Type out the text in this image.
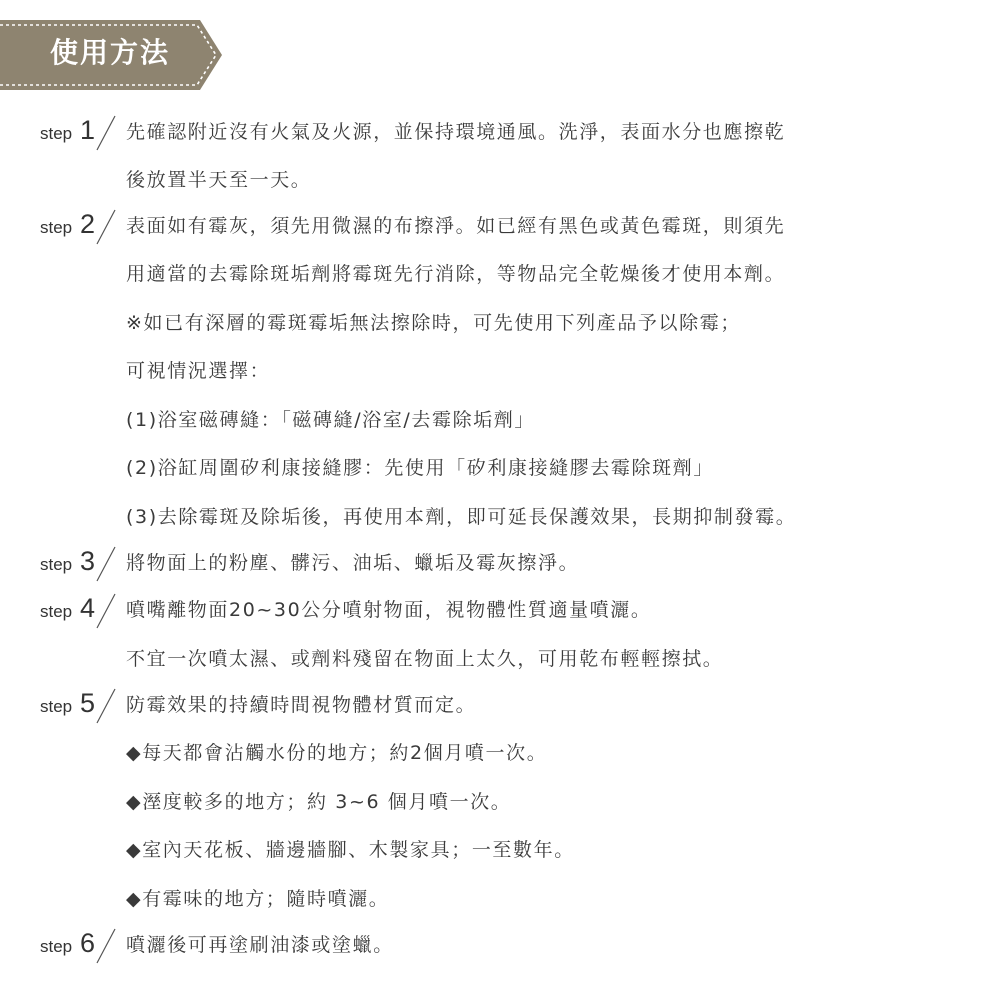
使用方法
step 1 先確認附近沒有火氣及火源，並保持環境通風。洗淨，表面水分也應擦乾
後放置半天至一天。
step 2 表面如有霉灰，須先用微濕的布擦淨。如已經有黑色或黃色霉斑，則須先
用適當的去霉除斑垢劑將霉斑先行消除，等物品完全乾燥後才使用本劑。
※如已有深層的霉斑霉垢無法擦除時，可先使用下列產品予以除霉；
可視情況選擇：
(1)浴室磁磚縫：「磁磚縫/浴室/去霉除垢劑」
(2)浴缸周圍矽利康接縫膠：先使用「矽利康接縫膠去霉除斑劑」
(3)去除霉斑及除垢後，再使用本劑，即可延長保護效果，長期抑制發霉。
step 3 將物面上的粉塵、髒污、油垢、蠟垢及霉灰擦淨。
step 4 噴嘴離物面20~30公分噴射物面，視物體性質適量噴灑。
不宜一次噴太濕、或劑料殘留在物面上太久，可用乾布輕輕擦拭。
step 5 防霉效果的持續時間視物體材質而定。
◆每天都會沾觸水份的地方；約2個月噴一次。
◆溼度較多的地方；約 3~6 個月噴一次。
◆室內天花板、牆邊牆腳、木製家具；一至數年。
◆有霉味的地方；隨時噴灑。
step 6 噴灑後可再塗刷油漆或塗蠟。
